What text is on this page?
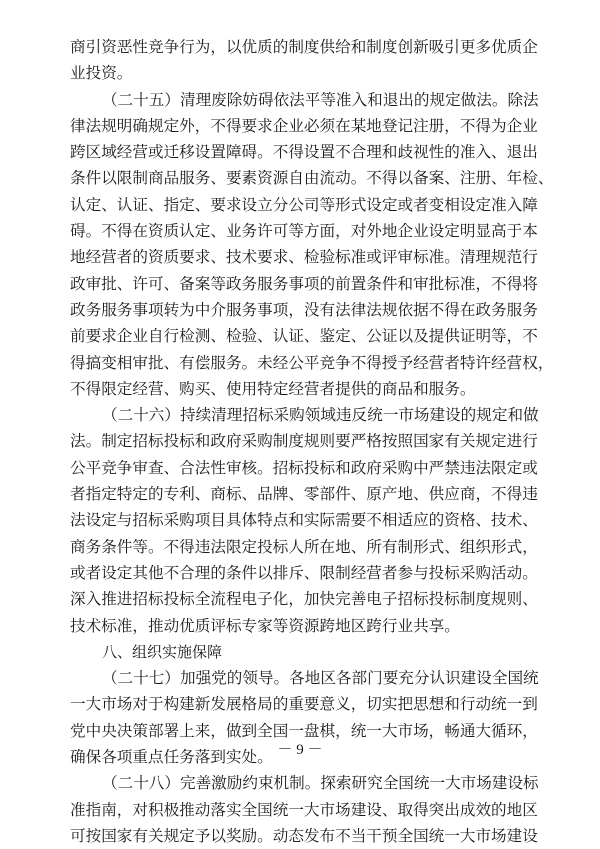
商引资恶性竞争行为，以优质的制度供给和制度创新吸引更多优质企
业投资。
（二十五）清理废除妨碍依法平等准入和退出的规定做法。除法
律法规明确规定外，不得要求企业必须在某地登记注册，不得为企业
跨区域经营或迁移设置障碍。不得设置不合理和歧视性的准入、退出
条件以限制商品服务、要素资源自由流动。不得以备案、注册、年检、
认定、认证、指定、要求设立分公司等形式设定或者变相设定准入障
碍。不得在资质认定、业务许可等方面，对外地企业设定明显高于本
地经营者的资质要求、技术要求、检验标准或评审标准。清理规范行
政审批、许可、备案等政务服务事项的前置条件和审批标准，不得将
政务服务事项转为中介服务事项，没有法律法规依据不得在政务服务
前要求企业自行检测、检验、认证、鉴定、公证以及提供证明等，不
得搞变相审批、有偿服务。未经公平竞争不得授予经营者特许经营权，
不得限定经营、购买、使用特定经营者提供的商品和服务。
（二十六）持续清理招标采购领域违反统一市场建设的规定和做
法。制定招标投标和政府采购制度规则要严格按照国家有关规定进行
公平竞争审查、合法性审核。招标投标和政府采购中严禁违法限定或
者指定特定的专利、商标、品牌、零部件、原产地、供应商，不得违
法设定与招标采购项目具体特点和实际需要不相适应的资格、技术、
商务条件等。不得违法限定投标人所在地、所有制形式、组织形式，
或者设定其他不合理的条件以排斥、限制经营者参与投标采购活动。
深入推进招标投标全流程电子化，加快完善电子招标投标制度规则、
技术标准，推动优质评标专家等资源跨地区跨行业共享。
八、组织实施保障
（二十七）加强党的领导。各地区各部门要充分认识建设全国统
一大市场对于构建新发展格局的重要意义，切实把思想和行动统一到
党中央决策部署上来，做到全国一盘棋，统一大市场，畅通大循环，
确保各项重点任务落到实处。
（二十八）完善激励约束机制。探索研究全国统一大市场建设标
准指南，对积极推动落实全国统一大市场建设、取得突出成效的地区
可按国家有关规定予以奖励。动态发布不当干预全国统一大市场建设
－ 9 －
